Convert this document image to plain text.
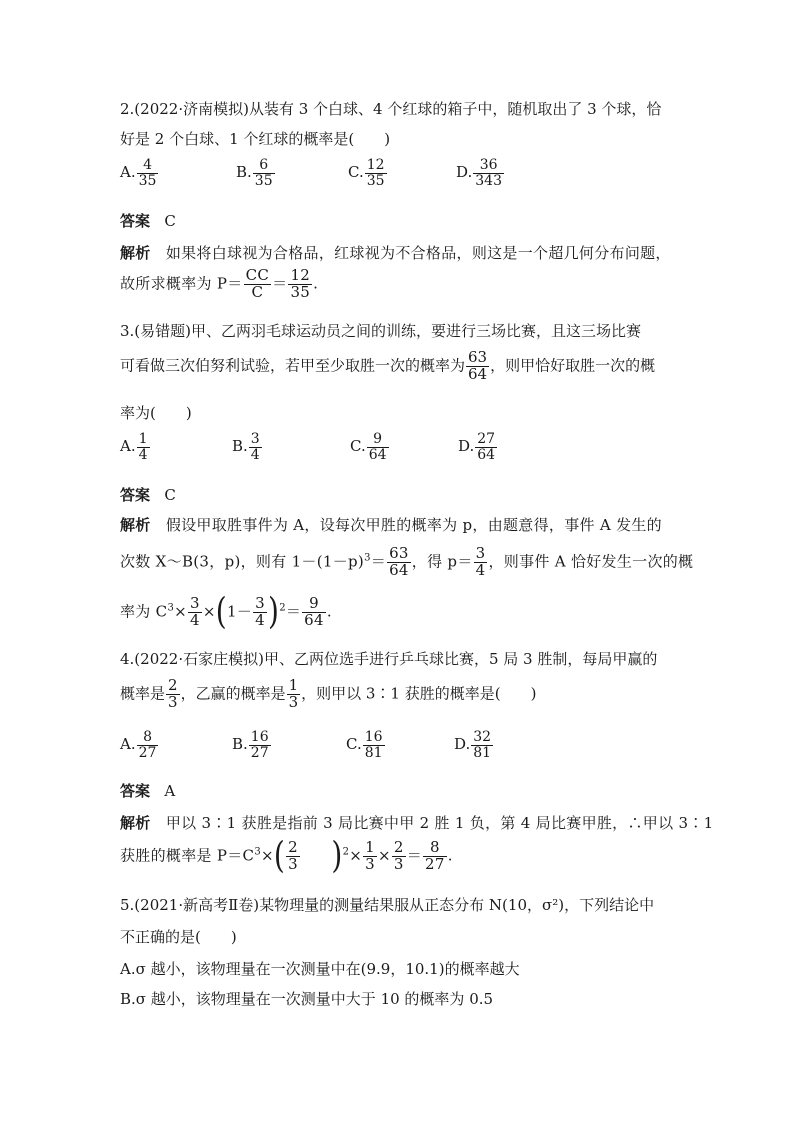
2.(2022·济南模拟)从装有 3 个白球、4 个红球的箱子中，随机取出了 3 个球，恰
好是 2 个白球、1 个红球的概率是(　　)
A. $\frac{4}{35}$	B. $\frac{6}{35}$	C. $\frac{12}{35}$	D. $\frac{36}{343}$
答案 C
解析 如果将白球视为合格品，红球视为不合格品，则这是一个超几何分布问题，
故所求概率为 $P= \frac{CC}{C} = \frac{12}{35}$ .
3.(易错题)甲、乙两羽毛球运动员之间的训练，要进行三场比赛，且这三场比赛
可看做三次伯努利试验，若甲至少取胜一次的概率为 $\frac{63}{64}$ ，则甲恰好取胜一次的概
率为(　　)
A. $\frac{1}{4}$	B. $\frac{3}{4}$	C. $\frac{9}{64}$	D. $\frac{27}{64}$
答案 C
解析 假设甲取胜事件为 A，设每次甲胜的概率为 p，由题意得，事件 A 发生的
次数 X～B(3，p)，则有 $1-(1-p)^3= \frac{63}{64}$ ，得 $p= \frac{3}{4}$ ，则事件 A 恰好发生一次的概
率为 $C^3\times \frac{3}{4} \times(1- \frac{3}{4} )^2= \frac{9}{64}$ .
4.(2022·石家庄模拟)甲、乙两位选手进行乒乓球比赛，5 局 3 胜制，每局甲赢的
概率是 $\frac{2}{3}$ ，乙赢的概率是 $\frac{1}{3}$ ，则甲以 3∶1 获胜的概率是(　　)
A. $\frac{8}{27}$	B. $\frac{16}{27}$	C. $\frac{16}{81}$	D. $\frac{32}{81}$
答案 A
解析 甲以 3∶1 获胜是指前 3 局比赛中甲 2 胜 1 负，第 4 局比赛甲胜，∴甲以 3∶1
获胜的概率是 $P=C^3\times( \frac{2}{3} )^2\times \frac{1}{3} \times \frac{2}{3} = \frac{8}{27}$ .
5.(2021·新高考Ⅱ卷)某物理量的测量结果服从正态分布 N(10，σ²)，下列结论中
不正确的是(　　)
A.σ 越小，该物理量在一次测量中在(9.9，10.1)的概率越大
B.σ 越小，该物理量在一次测量中大于 10 的概率为 0.5
